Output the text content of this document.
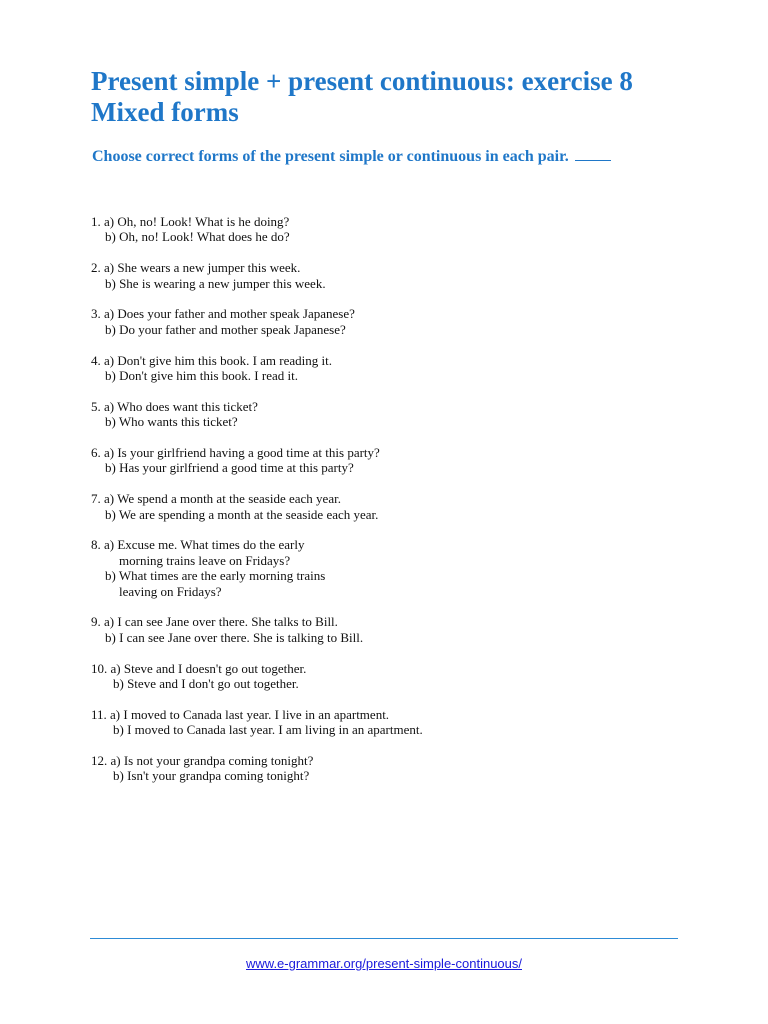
Present simple + present continuous: exercise 8
Mixed forms

Choose correct forms of the present simple or continuous in each pair.

1. a) Oh, no! Look! What is he doing?
b) Oh, no! Look! What does he do?
2. a) She wears a new jumper this week.
b) She is wearing a new jumper this week.
3. a) Does your father and mother speak Japanese?
b) Do your father and mother speak Japanese?
4. a) Don't give him this book. I am reading it.
b) Don't give him this book. I read it.
5. a) Who does want this ticket?
b) Who wants this ticket?
6. a) Is your girlfriend having a good time at this party?
b) Has your girlfriend a good time at this party?
7. a) We spend a month at the seaside each year.
b) We are spending a month at the seaside each year.
8. a) Excuse me. What times do the early
morning trains leave on Fridays?
b) What times are the early morning trains
leaving on Fridays?
9. a) I can see Jane over there. She talks to Bill.
b) I can see Jane over there. She is talking to Bill.
10. a) Steve and I doesn't go out together.
b) Steve and I don't go out together.
11. a) I moved to Canada last year. I live in an apartment.
b) I moved to Canada last year. I am living in an apartment.
12. a) Is not your grandpa coming tonight?
b) Isn't your grandpa coming tonight?
www.e-grammar.org/present-simple-continuous/
